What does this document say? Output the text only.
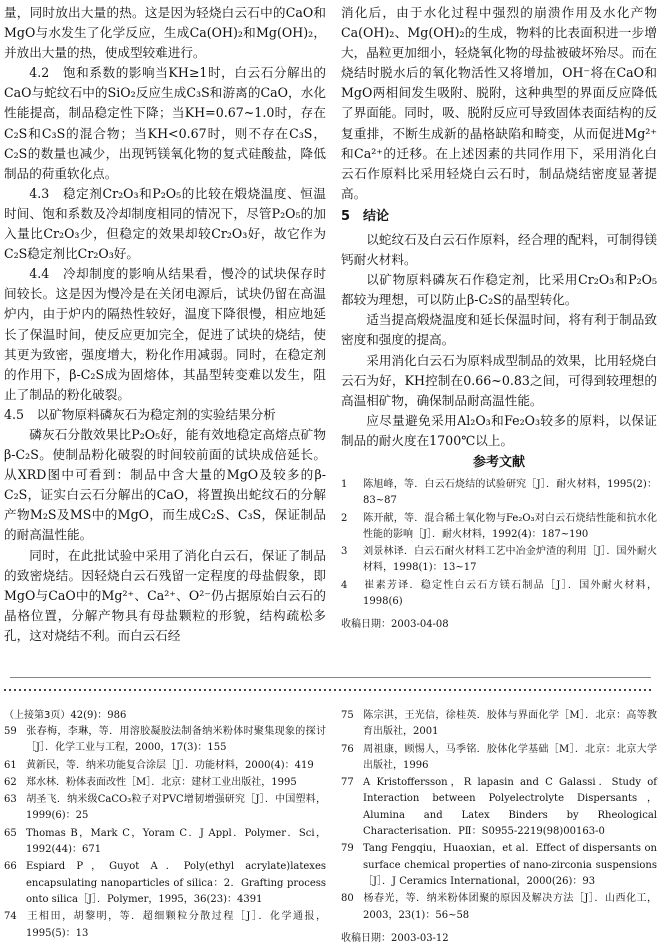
量，同时放出大量的热。这是因为轻烧白云石中的CaO和MgO与水发生了化学反应，生成Ca(OH)₂和Mg(OH)₂，并放出大量的热，使成型较难进行。

4.2　饱和系数的影响当KH≥1时，白云石分解出的CaO与蛇纹石中的SiO₂反应生成C₃S和游离的CaO，水化性能提高，制品稳定性下降；当KH=0.67~1.0时，存在C₂S和C₃S的混合物；当KH<0.67时，则不存在C₃S，C₂S的数量也减少，出现钙镁氧化物的复式硅酸盐，降低制品的荷重软化点。

4.3　稳定剂Cr₂O₃和P₂O₅的比较在煅烧温度、恒温时间、饱和系数及冷却制度相同的情况下，尽管P₂O₅的加入量比Cr₂O₃少，但稳定的效果却较Cr₂O₃好，故它作为C₂S稳定剂比Cr₂O₃好。

4.4　冷却制度的影响从结果看，慢冷的试块保存时间较长。这是因为慢冷是在关闭电源后，试块仍留在高温炉内，由于炉内的隔热性较好，温度下降很慢，相应地延长了保温时间，使反应更加完全，促进了试块的烧结，使其更为致密，强度增大，粉化作用减弱。同时，在稳定剂的作用下，β-C₂S成为固熔体，其晶型转变难以发生，阻止了制品的粉化破裂。

4.5　以矿物原料磷灰石为稳定剂的实验结果分析

磷灰石分散效果比P₂O₅好，能有效地稳定高熔点矿物β-C₂S。使制品粉化破裂的时间较前面的试块成倍延长。从XRD图中可看到：制品中含大量的MgO及较多的β-C₂S，证实白云石分解出的CaO，将置换出蛇纹石的分解产物M₂S及MS中的MgO，而生成C₂S、C₃S，保证制品的耐高温性能。

同时，在此批试验中采用了消化白云石，保证了制品的致密烧结。因轻烧白云石残留一定程度的母盐假象，即MgO与CaO中的Mg²⁺、Ca²⁺、O²⁻仍占据原始白云石的晶格位置，分解产物具有母盐颗粒的形貌，结构疏松多孔，这对烧结不利。而白云石经

消化后，由于水化过程中强烈的崩溃作用及水化产物Ca(OH)₂、Mg(OH)₂的生成，物料的比表面积进一步增大，晶粒更加细小，轻烧氧化物的母盐被破坏殆尽。而在烧结时脱水后的氧化物活性又将增加，OH⁻将在CaO和MgO两相间发生吸附、脱附，这种典型的界面反应降低了界面能。同时，吸、脱附反应可导致固体表面结构的反复重排，不断生成新的晶格缺陷和畸变，从而促进Mg²⁺和Ca²⁺的迁移。在上述因素的共同作用下，采用消化白云石作原料比采用轻烧白云石时，制品烧结密度显著提高。

5　结论

以蛇纹石及白云石作原料，经合理的配料，可制得镁钙耐火材料。

以矿物原料磷灰石作稳定剂，比采用Cr₂O₃和P₂O₅都较为理想，可以防止β-C₂S的晶型转化。

适当提高煅烧温度和延长保温时间，将有利于制品致密度和强度的提高。

采用消化白云石为原料成型制品的效果，比用轻烧白云石为好，KH控制在0.66~0.83之间，可得到较理想的高温相矿物，确保制品耐高温性能。

应尽量避免采用Al₂O₃和Fe₂O₃较多的原料，以保证制品的耐火度在1700℃以上。

参考文献
1 陈旭峰，等．白云石烧结的试验研究［J］．耐火材料，1995(2)：83~87
2 陈开献，等．混合稀土氧化物与Fe₂O₃对白云石烧结性能和抗水化性能的影响［J］．耐火材料，1992(4)：187~190
3 刘景林译．白云石耐火材料工艺中冶金炉渣的利用［J］．国外耐火材料，1998(1)：13~17
4 崔素芳译．稳定性白云石方镁石制品［J］．国外耐火材料，1998(6)
收稿日期：2003-04-08
（上接第3页）42(9)：986
59 张春梅，李琳，等．用溶胶凝胶法制备纳米粉体时聚集现象的探讨［J］．化学工业与工程，2000，17(3)：155
61 黄新民，等．纳米功能复合涂层［J］．功能材料，2000(4)：419
62 郑水林．粉体表面改性［M］．北京：建材工业出版社，1995
63 胡圣飞．纳米级CaCO₃粒子对PVC增韧增强研究［J］．中国塑料，1999(6)：25
65 Thomas B，Mark C，Yoram C．J Appl．Polymer．Sci，1992(44)：671
66 Espiard P，Guyot A．Poly(ethyl acrylate)latexes encapsulating nanoparticles of silica：2．Grafting process onto silica［J］．Polymer，1995，36(23)：4391
74 王相田，胡黎明，等．超细颗粒分散过程［J］．化学通报，1995(5)：13
75 陈宗淇，王光信，徐桂英．胶体与界面化学［M］．北京：高等教育出版社，2001
76 周祖康，顾惕人，马季铭．胶体化学基础［M］．北京：北京大学出版社，1996
77 A Kristoffersson，R lapasin and C Galassi．Study of Interaction between Polyelectrolyte Dispersants，Alumina and Latex Binders by Rheological Characterisation．PⅡ：S0955-2219(98)00163-0
79 Tang Fengqiu，Huaoxian，et al．Effect of dispersants on surface chemical properties of nano-zirconia suspensions［J］．J Ceramics International，2000(26)：93
80 杨春光，等．纳米粉体团聚的原因及解决方法［J］．山西化工，2003，23(1)：56~58
收稿日期：2003-03-12
